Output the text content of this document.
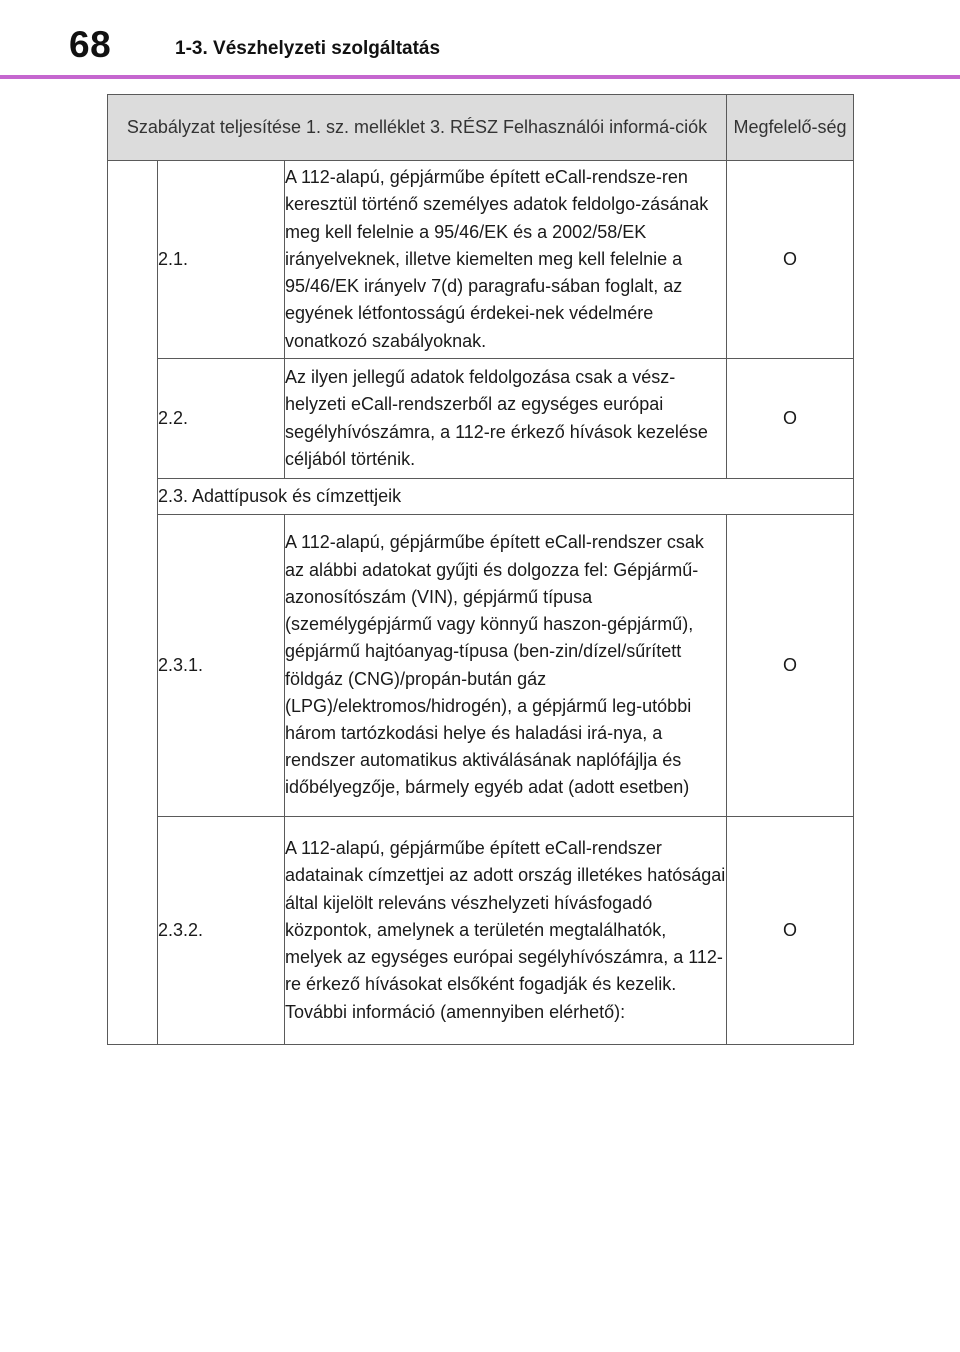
68	1-3. Vészhelyzeti szolgáltatás
Szabályzat teljesítése 1. sz. melléklet 3. RÉSZ Felhasználói informá-ciók			Megfelelő-ség
	2.1.	A 112-alapú, gépjárműbe épített eCall-rendsze-ren keresztül történő személyes adatok feldolgo-zásának meg kell felelnie a 95/46/EK és a 2002/58/EK irányelveknek, illetve kiemelten meg kell felelnie a 95/46/EK irányelv 7(d) paragrafu-sában foglalt, az egyének létfontosságú érdekei-nek védelmére vonatkozó szabályoknak.	O
	2.2.	Az ilyen jellegű adatok feldolgozása csak a vész-helyzeti eCall-rendszerből az egységes európai segélyhívószámra, a 112-re érkező hívások kezelése céljából történik.	O
	2.3. Adattípusok és címzettjeik		
	2.3.1.	A 112-alapú, gépjárműbe épített eCall-rendszer csak az alábbi adatokat gyűjti és dolgozza fel: Gépjármű-azonosítószám (VIN), gépjármű típusa (személygépjármű vagy könnyű haszon-gépjármű), gépjármű hajtóanyag-típusa (ben-zin/dízel/sűrített földgáz (CNG)/propán-bután gáz (LPG)/elektromos/hidrogén), a gépjármű leg-utóbbi három tartózkodási helye és haladási irá-nya, a rendszer automatikus aktiválásának naplófájlja és időbélyegzője, bármely egyéb adat (adott esetben)	O
	2.3.2.	A 112-alapú, gépjárműbe épített eCall-rendszer adatainak címzettjei az adott ország illetékes hatóságai által kijelölt releváns vészhelyzeti hívásfogadó központok, amelynek a területén megtalálhatók, melyek az egységes európai segélyhívószámra, a 112-re érkező hívásokat elsőként fogadják és kezelik. További információ (amennyiben elérhető):	O
